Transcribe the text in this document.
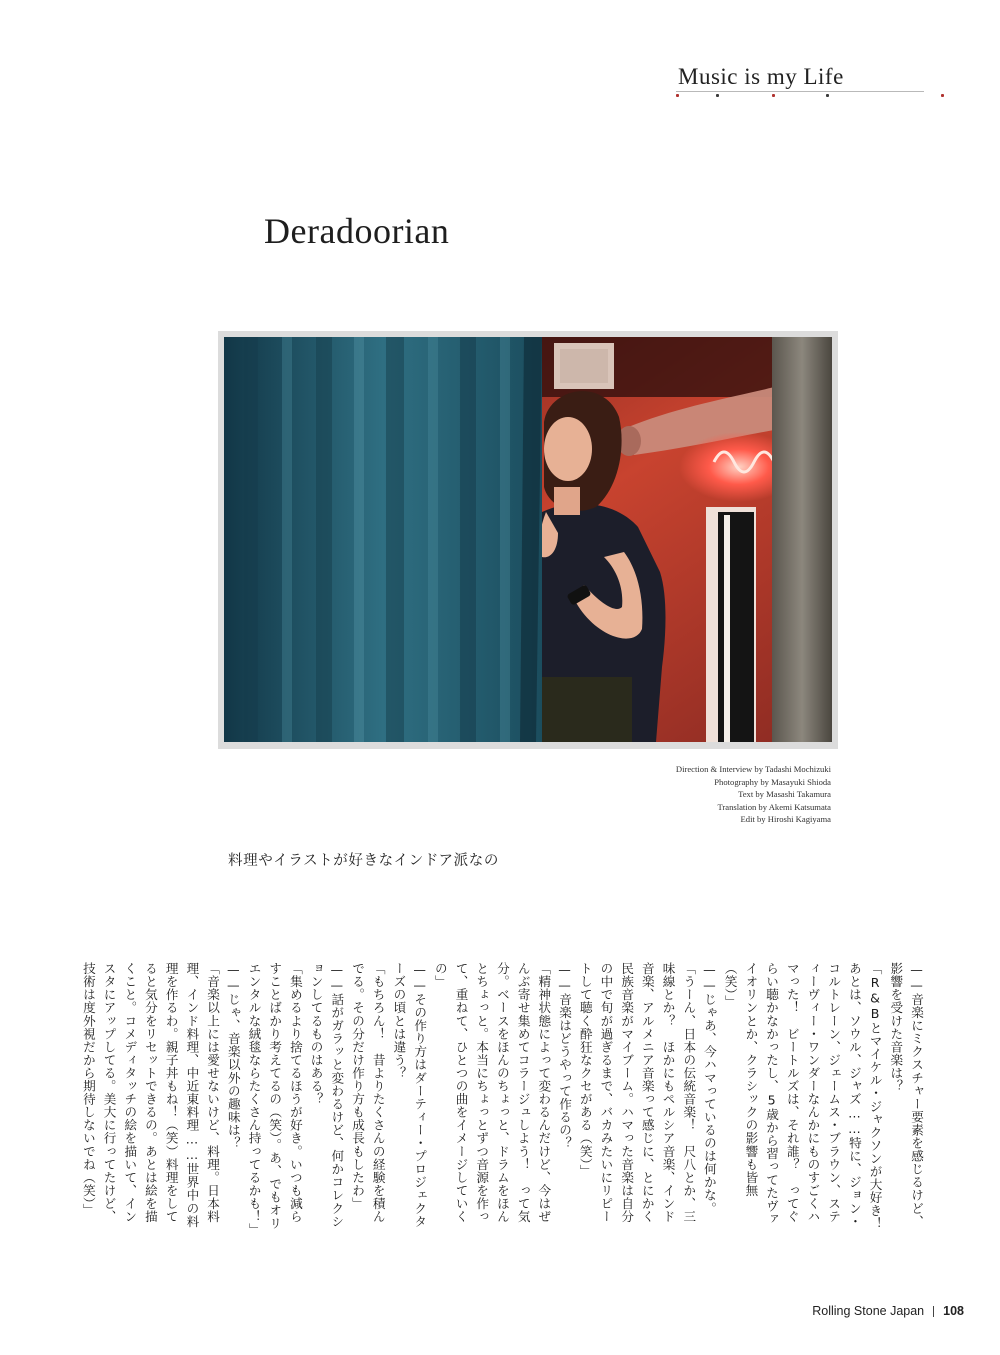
Music is my Life
Deradoorian
Direction & Interview by Tadashi Mochizuki
Photography by Masayuki Shioda
Text by Masashi Takamura
Translation by Akemi Katsumata
Edit by Hiroshi Kagiyama
料理やイラストが好きなインドア派なの

——音楽にミクスチャー要素を感じるけど、影響を受けた音楽は？

「R&Bとマイケル・ジャクソンが大好き！あとは、ソウル、ジャズ……特に、ジョン・コルトレーン、ジェームス・ブラウン、スティーヴィー・ワンダーなんかにものすごくハマった！　ビートルズは、それ誰？　ってぐらい聴かなかったし、5歳から習ってたヴァイオリンとか、クラシックの影響も皆無（笑）」

——じゃあ、今ハマっているのは何かな。

「うーん、日本の伝統音楽！　尺八とか、三味線とか？　ほかにもペルシア音楽、インド音楽、アルメニア音楽って感じに、とにかく民族音楽がマイブーム。ハマった音楽は自分の中で旬が過ぎるまで、バカみたいにリピートして聴く酔狂なクセがある（笑）」

——音楽はどうやって作るの？

「精神状態によって変わるんだけど、今はぜんぶ寄せ集めてコラージュしよう！　って気分。ベースをほんのちょっと、ドラムをほんとちょっと。本当にちょっとずつ音源を作って、重ねて、ひとつの曲をイメージしていくの」

——その作り方はダーティー・プロジェクターズの頃とは違う？

「もちろん！　昔よりたくさんの経験を積んでる。その分だけ作り方も成長もしたわ」

——話がガラッと変わるけど、何かコレクションしてるものはある？

「集めるより捨てるほうが好き。いつも減らすことばかり考えてるの（笑）。あ、でもオリエンタルな絨毯ならたくさん持ってるかも！」

——じゃ、音楽以外の趣味は？

「音楽以上には愛せないけど、料理。日本料理、インド料理、中近東料理……世界中の料理を作るわ。親子丼もね！（笑）料理をしてると気分をリセットできるの。あとは絵を描くこと。コメディタッチの絵を描いて、インスタにアップしてる。美大に行ってたけど、技術は度外視だから期待しないでね（笑）」

Rolling Stone Japan 108
